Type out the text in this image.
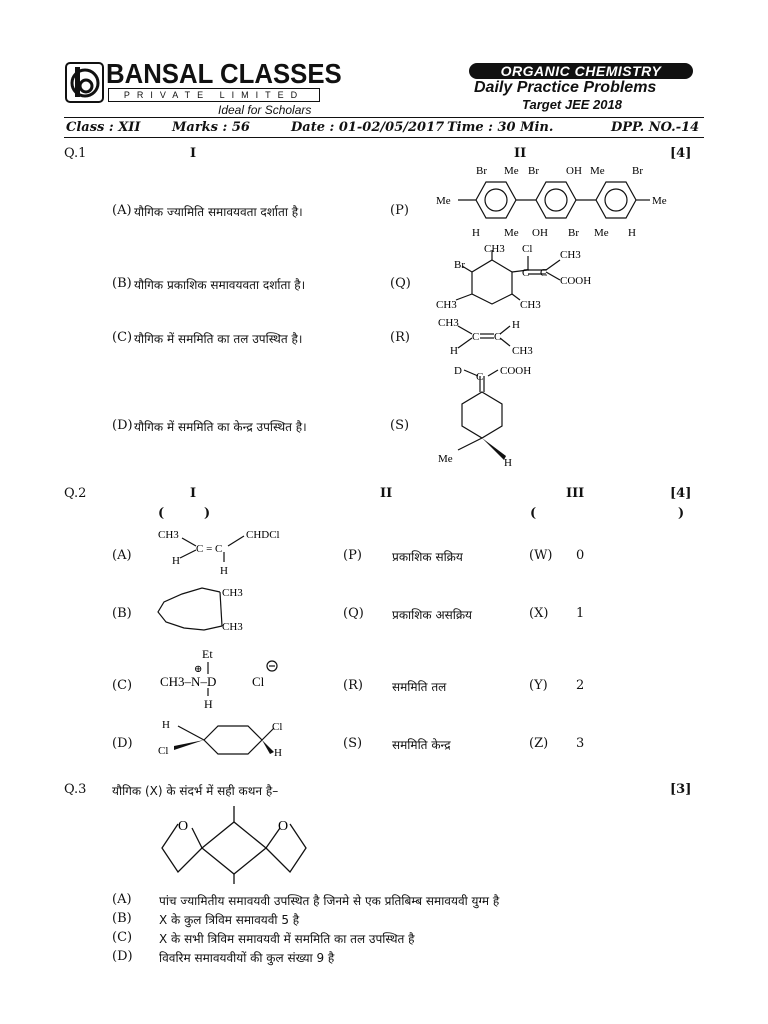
BANSAL CLASSES
PRIVATE LIMITED
Ideal for Scholars
ORGANIC CHEMISTRY
Daily Practice Problems
Target JEE 2018
Class : XII Marks : 56	Date : 01-02/05/2017 Time : 30 Min.	DPP. NO.-14
Q.1	I	II	[4]
(A) यौगिक ज्यामिति समावयवता दर्शाता है।	(P)
(B) यौगिक प्रकाशिक समावयवता दर्शाता है।	(Q)
(C) यौगिक में सममिति का तल उपस्थित है।	(R)
(D) यौगिक में सममिति का केन्द्र उपस्थित है।	(S)
Br Me Br OH Me Br
Me	Me
H Me OH Br Me H
CH3
Br
Cl
C C
CH3
COOH
CH3	CH3
CH3
C C
H
H	CH3
D C COOH
Me	H
Q.2	I	II	III	[4]
(	)	(	)
(A)
CH3
H
C = C
CHDCl
H
(P)	प्रकाशिक सक्रिय	(W) 0
(B)
CH3
CH3
(Q) प्रकाशिक असक्रिय	(X) 1
(C)
Et
⊕
CH3–N–D	Cl
H
(R) सममिति तल	(Y) 2
(D)
H
Cl
Cl
H
(S) सममिति केन्द्र	(Z) 3
Q.3 यौगिक (X) के संदर्भ में सही कथन है–	[3]
O	O
(A) पांच ज्यामितीय समावयवी उपस्थित है जिनमे से एक प्रतिबिम्ब समावयवी युग्म है
(B) X के कुल त्रिविम समावयवी 5 है
(C) X के सभी त्रिविम समावयवी में सममिति का तल उपस्थित है
(D) विवरिम समावयवीयों की कुल संख्या 9 है
